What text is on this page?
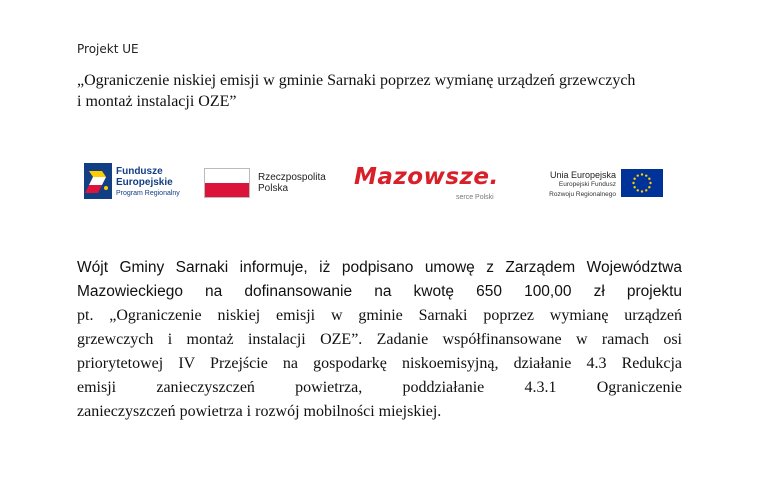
Projekt UE
„Ograniczenie niskiej emisji w gminie Sarnaki poprzez wymianę urządzeń grzewczych
i montaż instalacji OZE”
Fundusze
Europejskie
Program Regionalny
Rzeczpospolita
Polska	Mazowsze.
serce Polski
Unia Europejska
Europejski Fundusz
Rozwoju Regionalnego
Wójt Gminy Sarnaki informuje, iż podpisano umowę z Zarządem Województwa
Mazowieckiego na dofinansowanie na kwotę 650 100,00 zł projektu
pt. „Ograniczenie niskiej emisji w gminie Sarnaki poprzez wymianę urządzeń
grzewczych i montaż instalacji OZE”. Zadanie współfinansowane w ramach osi
priorytetowej IV Przejście na gospodarkę niskoemisyjną, działanie 4.3 Redukcja
emisji zanieczyszczeń powietrza, poddziałanie 4.3.1 Ograniczenie
zanieczyszczeń powietrza i rozwój mobilności miejskiej.
